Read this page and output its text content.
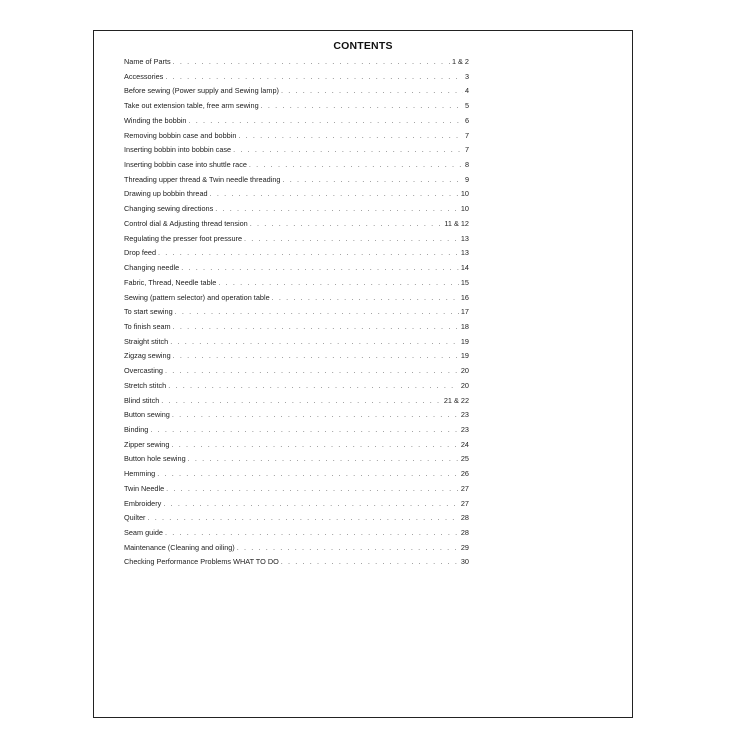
CONTENTS
Name of Parts . . .	1 & 2
Accessories . . .	3
Before sewing (Power supply and Sewing lamp) . . .	4
Take out extension table, free arm sewing . . .	5
Winding the bobbin . . .	6
Removing bobbin case and bobbin . . .	7
Inserting bobbin into bobbin case . . .	7
Inserting bobbin case into shuttle race . . .	8
Threading upper thread & Twin needle threading . . .	9
Drawing up bobbin thread . . .	10
Changing sewing directions . . .	10
Control dial & Adjusting thread tension . . .	11 & 12
Regulating the presser foot pressure . . .	13
Drop feed . . .	13
Changing needle . . .	14
Fabric, Thread, Needle table . . .	15
Sewing (pattern selector) and operation table . . .	16
To start sewing . . .	17
To finish seam . . .	18
Straight stitch . . .	19
Zigzag sewing . . .	19
Overcasting . . .	20
Stretch stitch . . .	20
Blind stitch . . .	21 & 22
Button sewing . . .	23
Binding . . .	23
Zipper sewing . . .	24
Button hole sewing . . .	25
Hemming . . .	26
Twin Needle . . .	27
Embroidery . . .	27
Quilter . . .	28
Seam guide . . .	28
Maintenance (Cleaning and oiling) . . .	29
Checking Performance Problems WHAT TO DO . . .	30
